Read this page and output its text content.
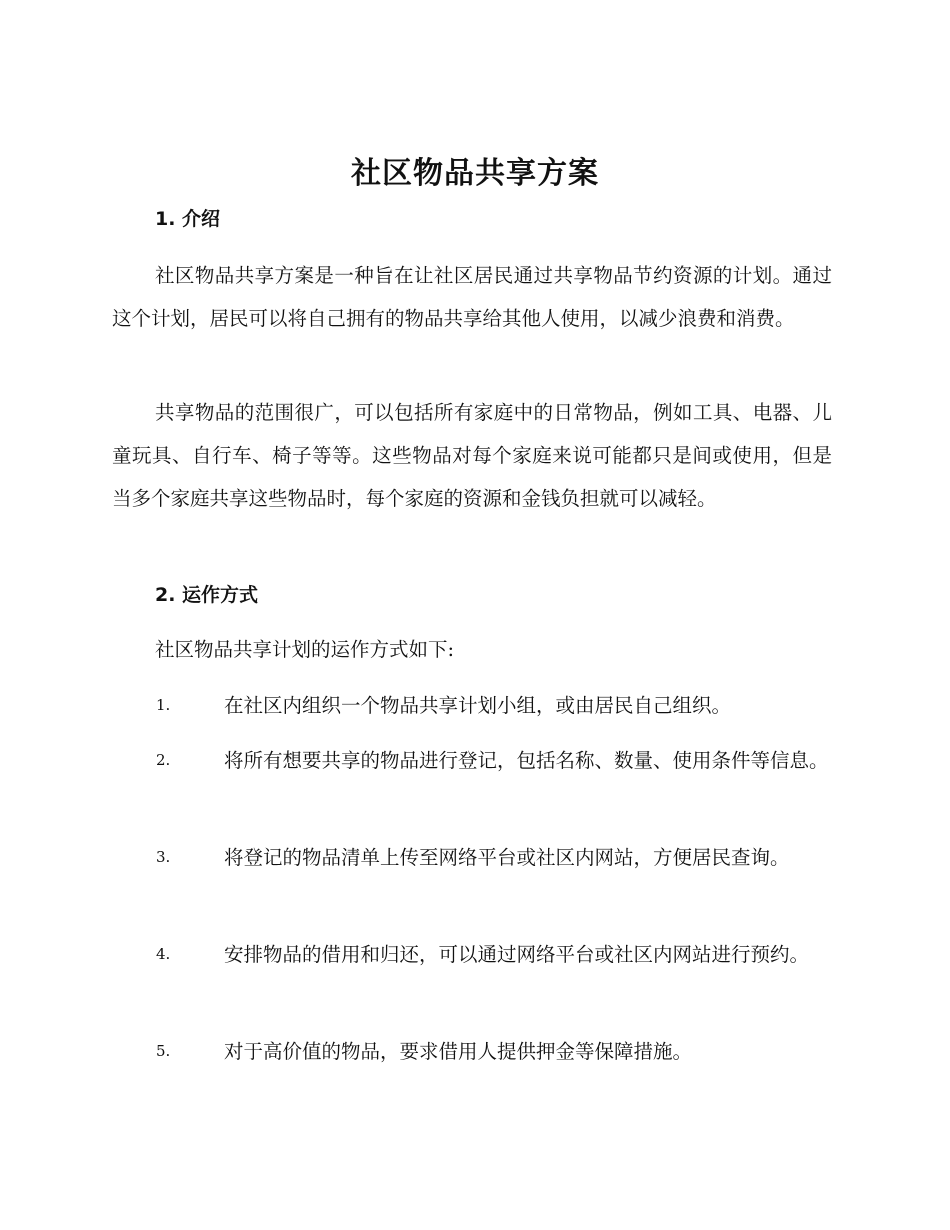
社区物品共享方案
1. 介绍

社区物品共享方案是一种旨在让社区居民通过共享物品节约资源的计划。通过这个计划，居民可以将自己拥有的物品共享给其他人使用，以减少浪费和消费。

共享物品的范围很广，可以包括所有家庭中的日常物品，例如工具、电器、儿童玩具、自行车、椅子等等。这些物品对每个家庭来说可能都只是间或使用，但是当多个家庭共享这些物品时，每个家庭的资源和金钱负担就可以减轻。

2. 运作方式

社区物品共享计划的运作方式如下:

1.	在社区内组织一个物品共享计划小组，或由居民自己组织。
2.	将所有想要共享的物品进行登记，包括名称、数量、使用条件等信息。
3.	将登记的物品清单上传至网络平台或社区内网站，方便居民查询。
4.	安排物品的借用和归还，可以通过网络平台或社区内网站进行预约。
5.	对于高价值的物品，要求借用人提供押金等保障措施。
